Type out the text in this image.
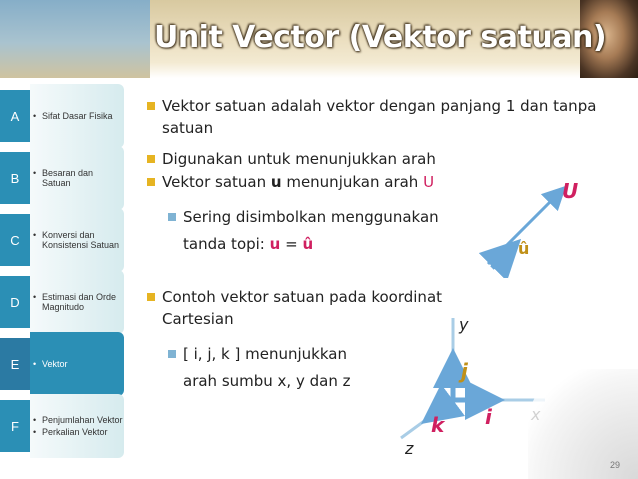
Unit Vector (Vektor satuan)
A	• Sifat Dasar Fisika
B	• Besaran dan Satuan
C	• Konversi dan Konsistensi Satuan
D	• Estimasi dan Orde Magnitudo
E	• Vektor
F	• Penjumlahan Vektor
• Perkalian Vektor
Vektor satuan adalah vektor dengan panjang 1 dan tanpa satuan
Digunakan untuk menunjukkan arah
Vektor satuan u menunjukan arah U
Sering disimbolkan menggunakan
tanda topi: u = û
Contoh vektor satuan pada koordinat Cartesian
[ i, j, k ] menunjukkan
arah sumbu x, y dan z
U
û
y
z
j
i
k
29
